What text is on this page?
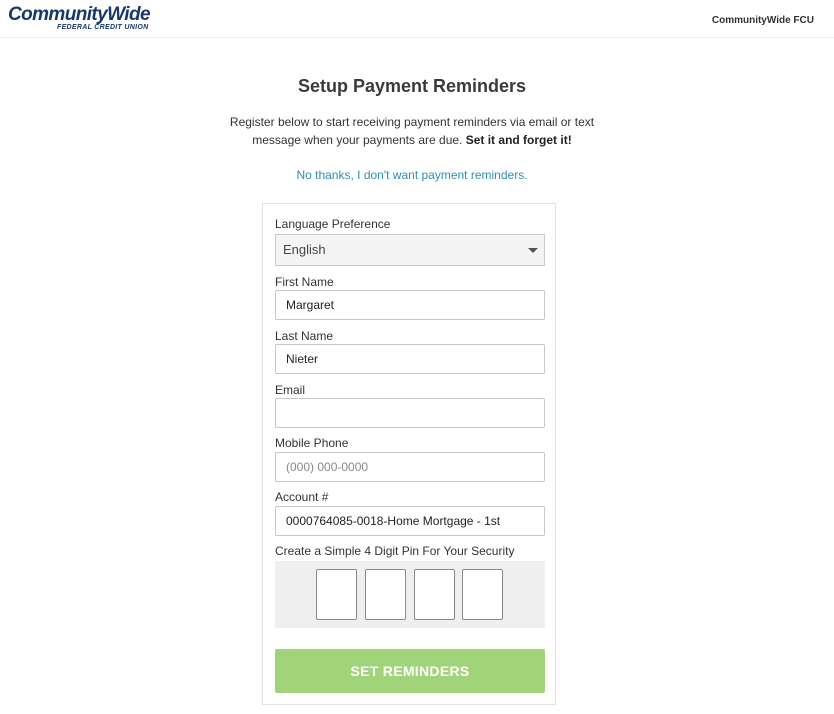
CommunityWide
FEDERAL CREDIT UNION
CommunityWide FCU
Setup Payment Reminders
Register below to start receiving payment reminders via email or text message when your payments are due. Set it and forget it!
No thanks, I don't want payment reminders.
Language Preference
English
First Name
Margaret
Last Name
Nieter
Email
Mobile Phone
(000) 000-0000
Account #
0000764085-0018-Home Mortgage - 1st
Create a Simple 4 Digit Pin For Your Security
SET REMINDERS
